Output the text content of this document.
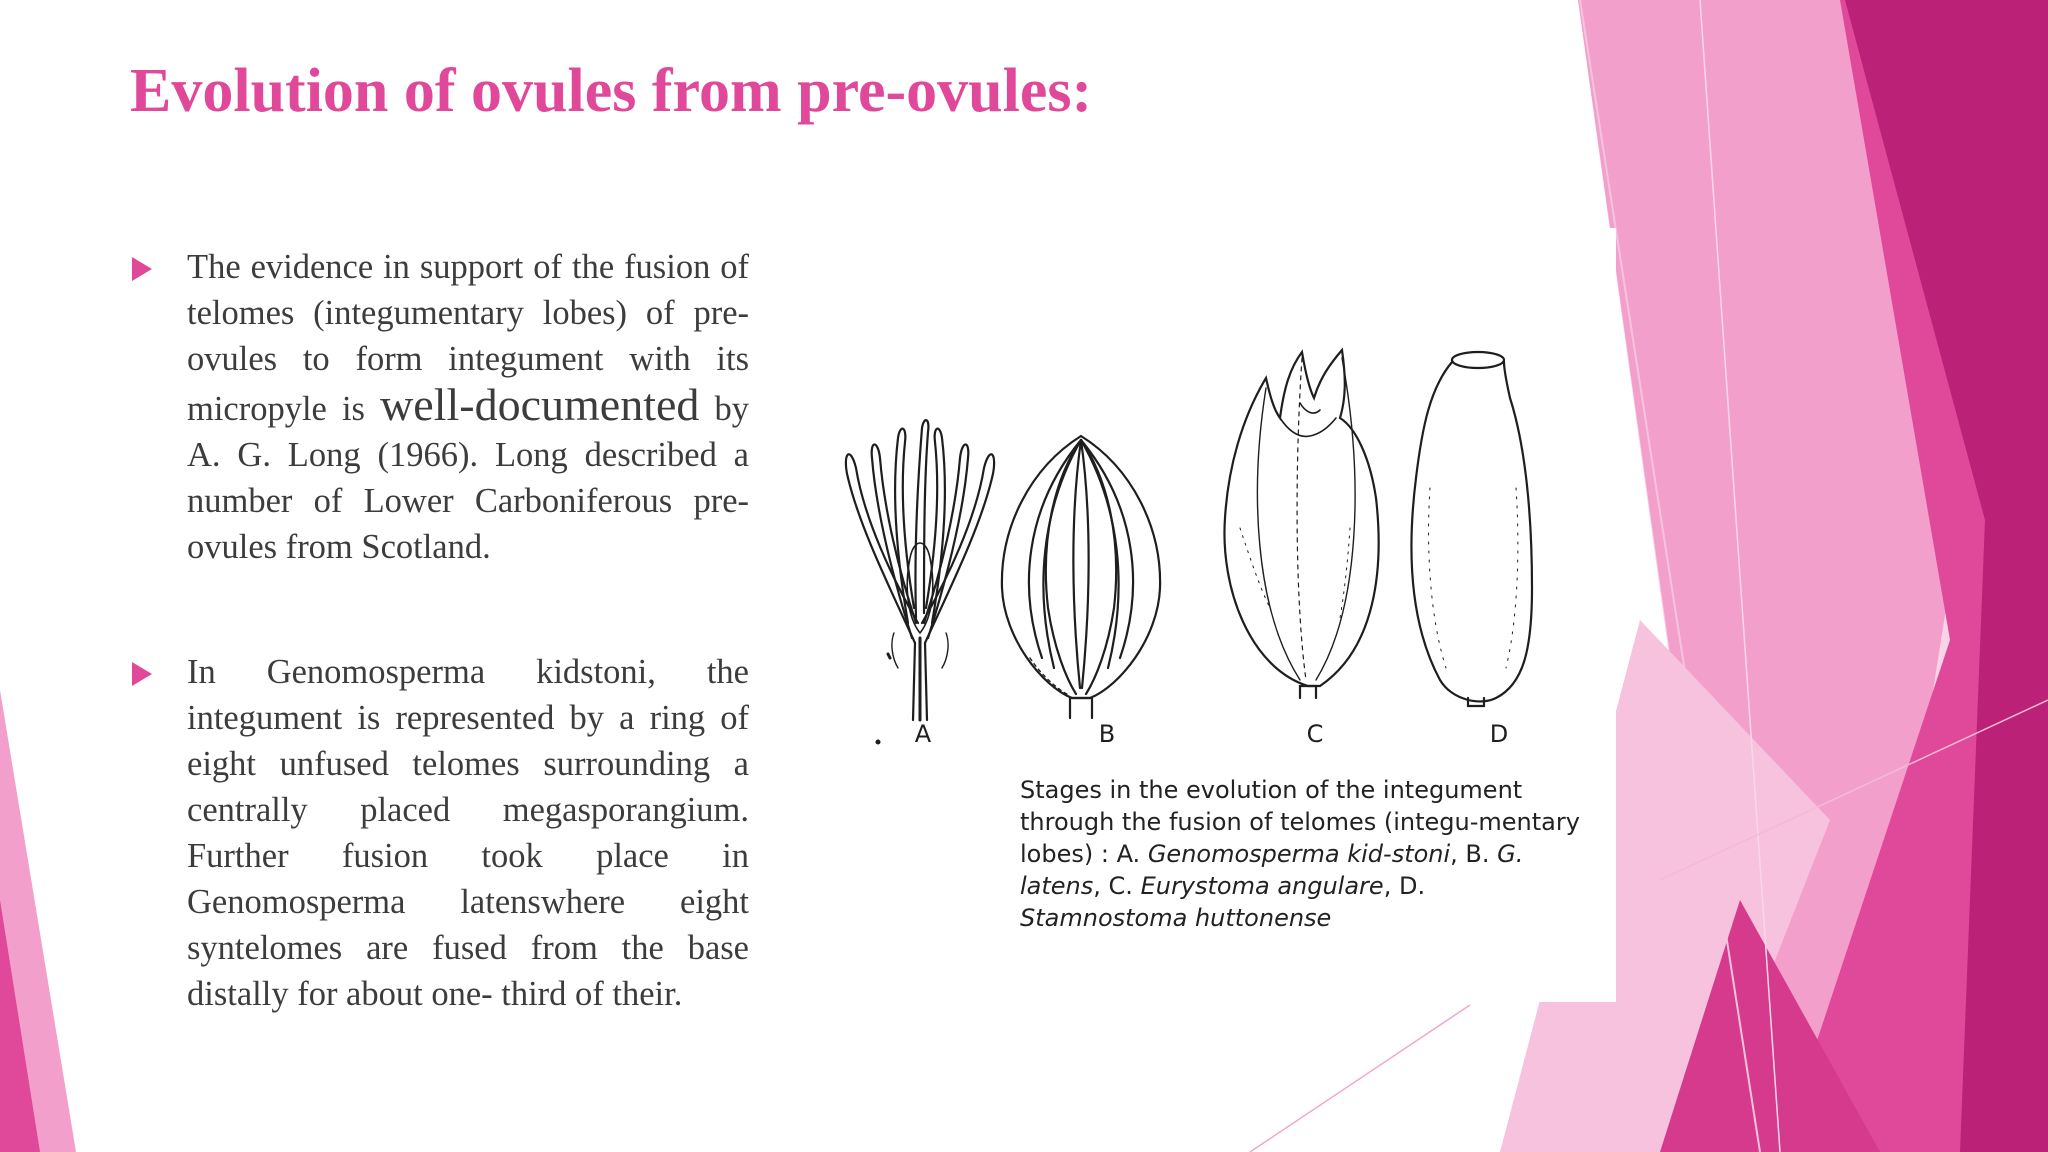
Evolution of ovules from pre-ovules:

The evidence in support of the fusion of telomes (integumentary lobes) of pre-ovules to form integument with its micropyle is well-documented by A. G. Long (1966). Long described a number of Lower Carboniferous pre-ovules from Scotland.

In Genomosperma kidstoni, the integument is represented by a ring of eight unfused telomes surrounding a centrally placed megasporangium. Further fusion took place in Genomosperma latenswhere eight syntelomes are fused from the base distally for about one- third of their.

A	B	C	D

Stages in the evolution of the integument through the fusion of telomes (integu-mentary lobes) : A. Genomosperma kid-stoni, B. G. latens, C. Eurystoma angulare, D. Stamnostoma huttonense
